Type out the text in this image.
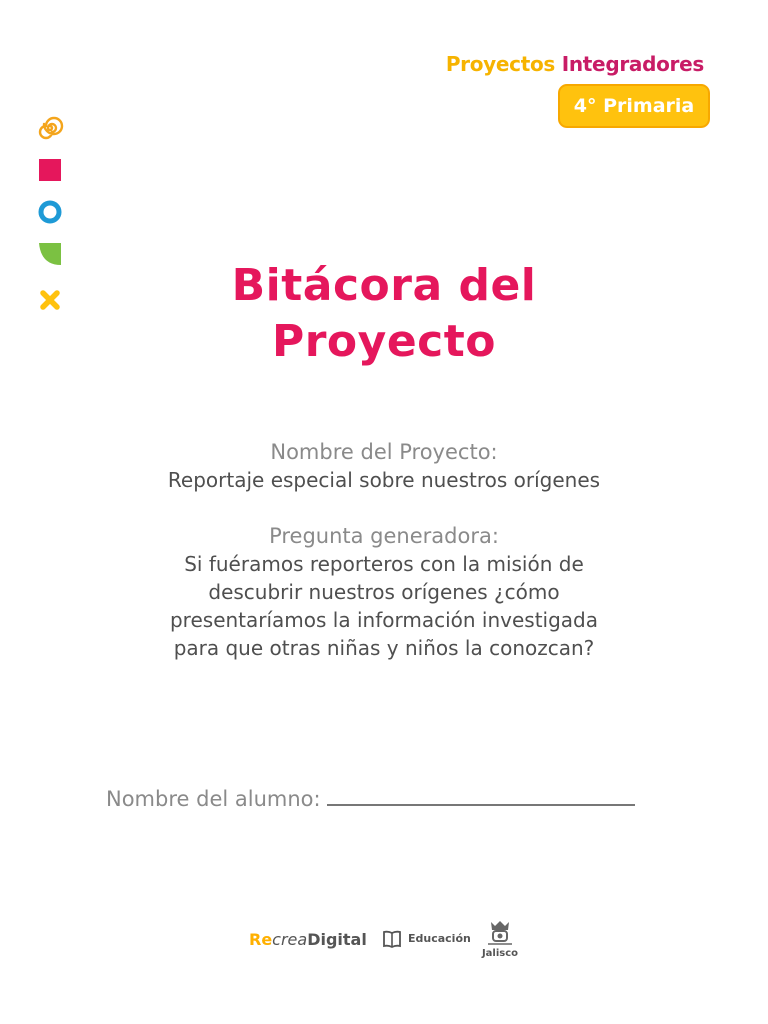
Proyectos Integradores
4° Primaria
Bitácora del
Proyecto
Nombre del Proyecto:
Reportaje especial sobre nuestros orígenes
Pregunta generadora:
Si fuéramos reporteros con la misión de
descubrir nuestros orígenes ¿cómo
presentaríamos la información investigada
para que otras niñas y niños la conozcan?
Nombre del alumno:
RecreaDigital	Educación
Jalisco
